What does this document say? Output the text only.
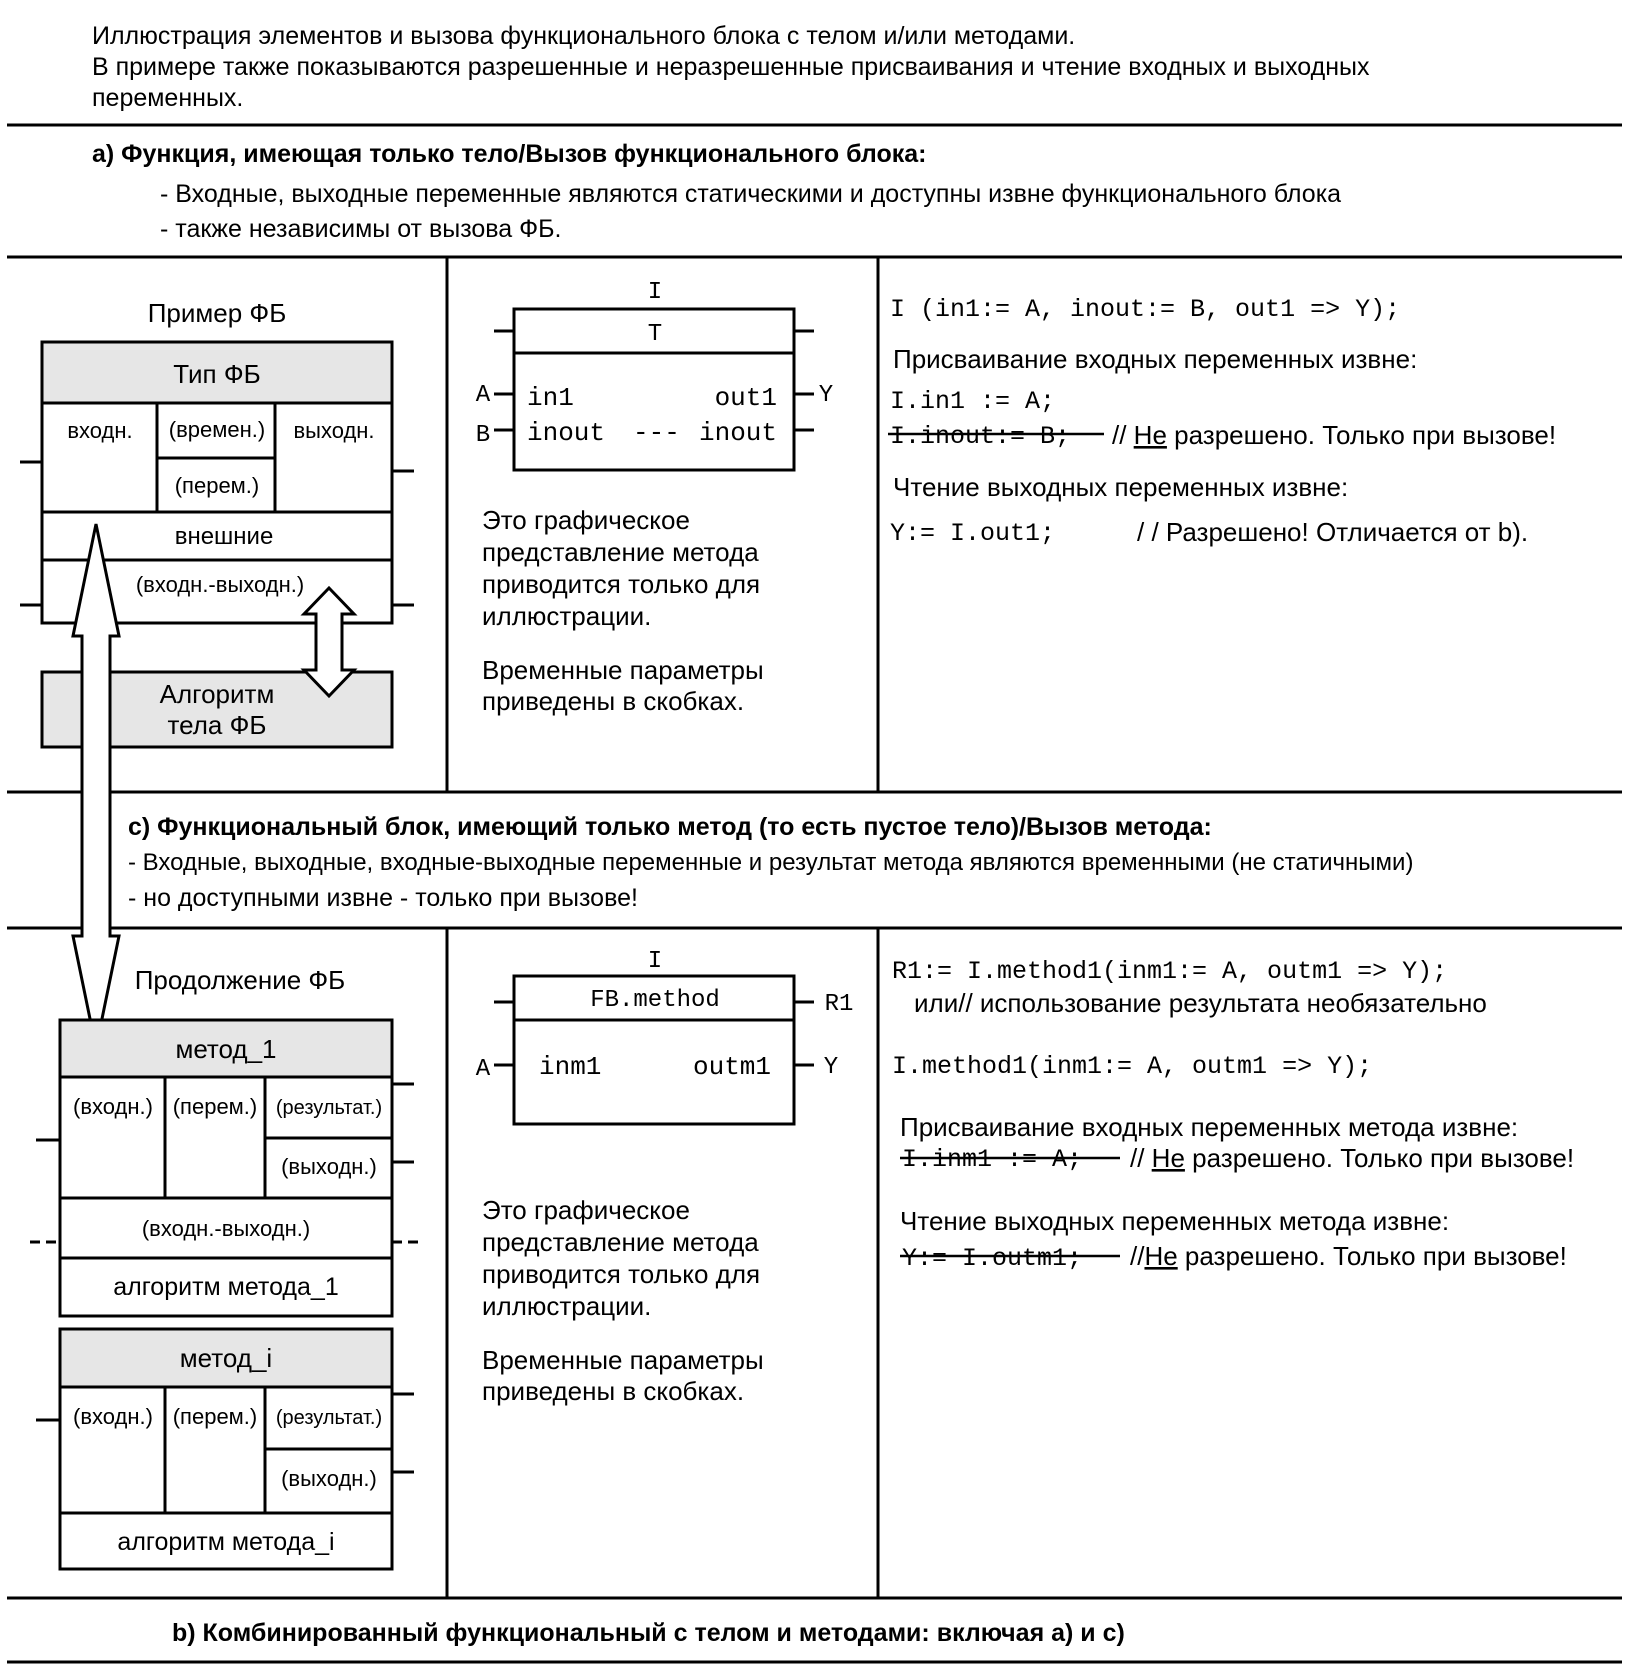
Иллюстрация элементов и вызова функционального блока с телом и/или методами.
В примере также показываются разрешенные и неразрешенные присваивания и чтение входных и выходных
переменных.
а) Функция, имеющая только тело/Вызов функционального блока:
- Входные, выходные переменные являются статическими и доступны извне функционального блока
- также независимы от вызова ФБ.
Пример ФБ
Тип ФБ
входн. (времен.)
(перем.)
выходн.
внешние
(входн.-выходн.)
Алгоритм
тела ФБ
I
T
in1
inout ---
out1
inout
A
B
Y
Это графическое
представление метода
приводится только для
иллюстрации.
Временные параметры
приведены в скобках.
I (in1:= A, inout:= B, out1 => Y);
Присваивание входных переменных извне:
I.in1 := A;
I.inout:= B; // Не разрешено. Только при вызове!
Чтение выходных переменных извне:
Y:= I.out1;	/ / Разрешено! Отличается от b).
с) Функциональный блок, имеющий только метод (то есть пустое тело)/Вызов метода:
- Входные, выходные, входные-выходные переменные и результат метода являются временными (не статичными)
- но доступными извне - только при вызове!
Продолжение ФБ
метод_1
(входн.) (перем.) (результат.)
(выходн.)
(входн.-выходн.)
алгоритм метода_1
метод_i
(входн.) (перем.) (результат.)
(выходн.)
алгоритм метода_i
I
FB.method
inm1	outm1
A
R1
Y
Это графическое
представление метода
приводится только для
иллюстрации.
Временные параметры
приведены в скобках.
R1:= I.method1(inm1:= A, outm1 => Y);
или// использование результата необязательно
I.method1(inm1:= A, outm1 => Y);
Присваивание входных переменных метода извне:
I.inm1 := A; // Не разрешено. Только при вызове!
Чтение выходных переменных метода извне:
Y:= I.outm1; //Не разрешено. Только при вызове!
b) Комбинированный функциональный с телом и методами: включая а) и с)
